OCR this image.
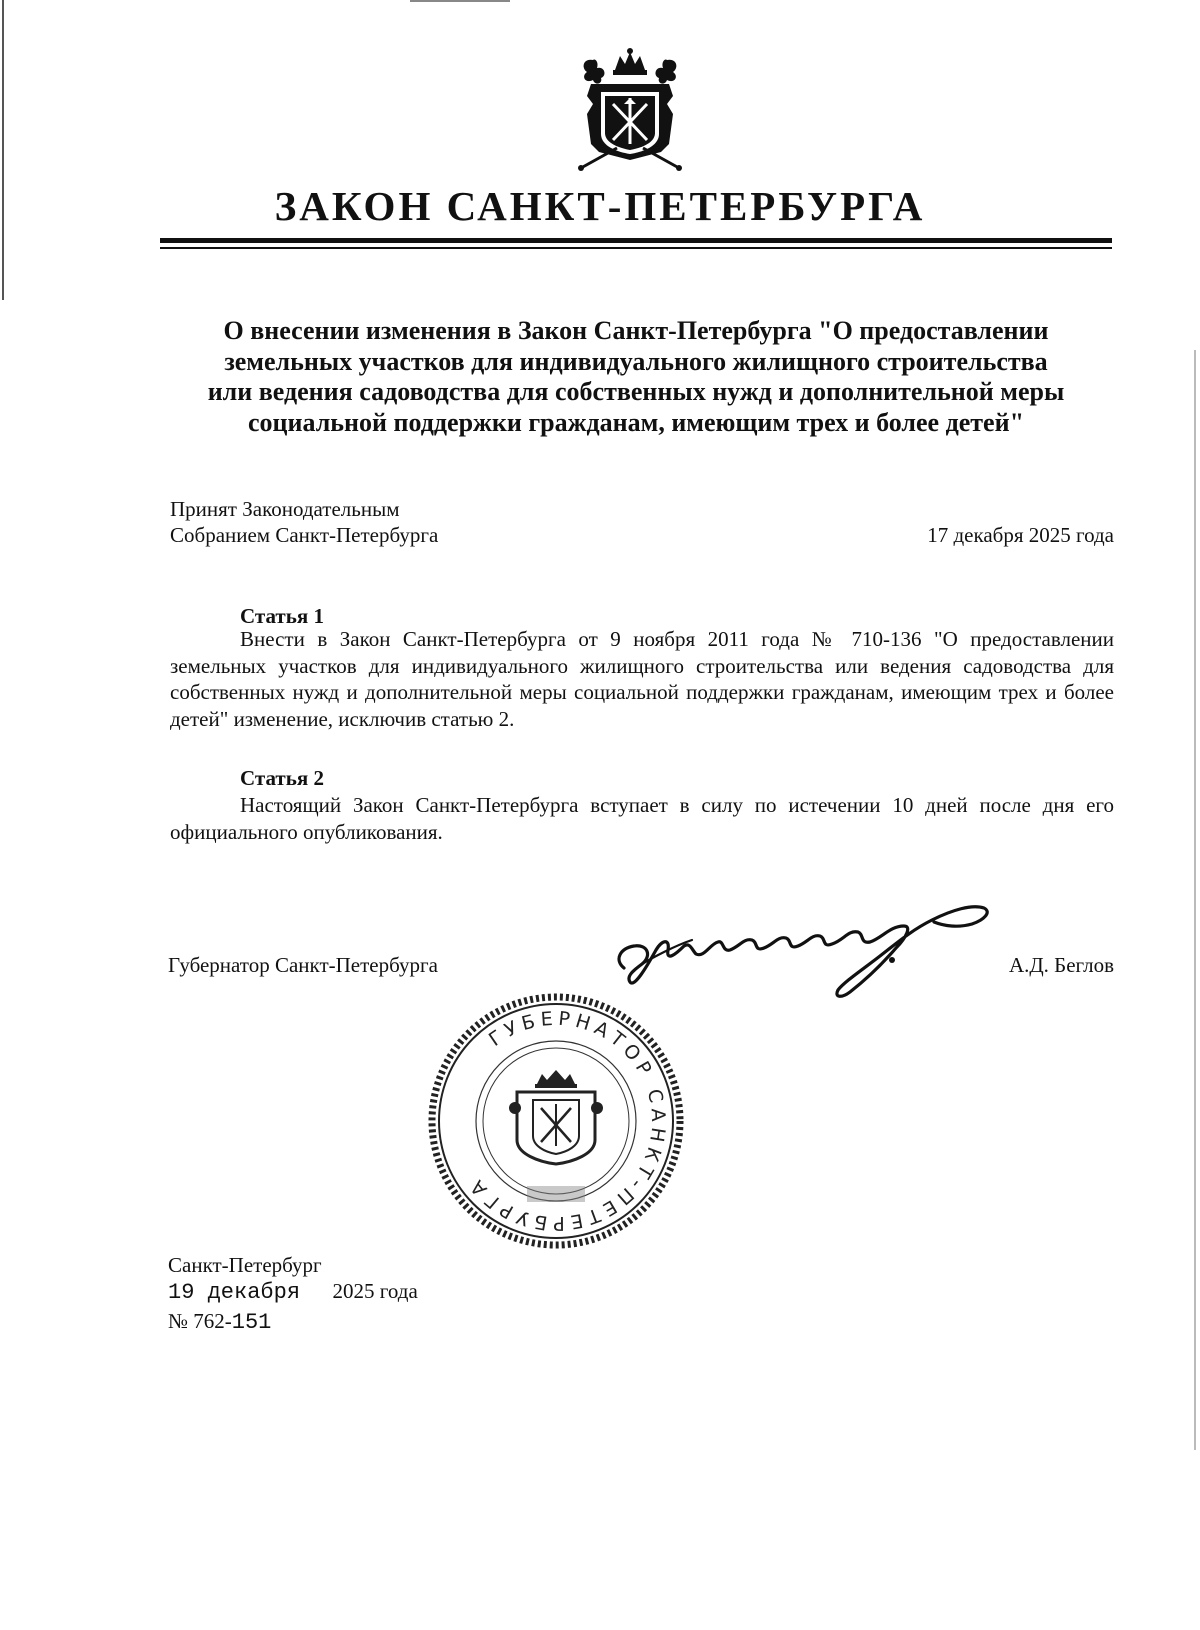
ЗАКОН САНКТ-ПЕТЕРБУРГА
О внесении изменения в Закон Санкт-Петербурга "О предоставлении
земельных участков для индивидуального жилищного строительства
или ведения садоводства для собственных нужд и дополнительной меры
социальной поддержки гражданам, имеющим трех и более детей"
Принят Законодательным
Собранием Санкт-Петербурга	17 декабря 2025 года
Статья 1
Внести в Закон Санкт-Петербурга от 9 ноября 2011 года № 710-136 "О предоставлении земельных участков для индивидуального жилищного строительства или ведения садоводства для собственных нужд и дополнительной меры социальной поддержки гражданам, имеющим трех и более детей" изменение, исключив статью 2.
Статья 2
Настоящий Закон Санкт-Петербурга вступает в силу по истечении 10 дней после дня его официального опубликования.
Губернатор Санкт-Петербурга	А.Д. Беглов
ГУБЕРНАТОР САНКТ-ПЕТЕРБУРГА
Санкт-Петербург
19 декабря 2025 года
№ 762-151
